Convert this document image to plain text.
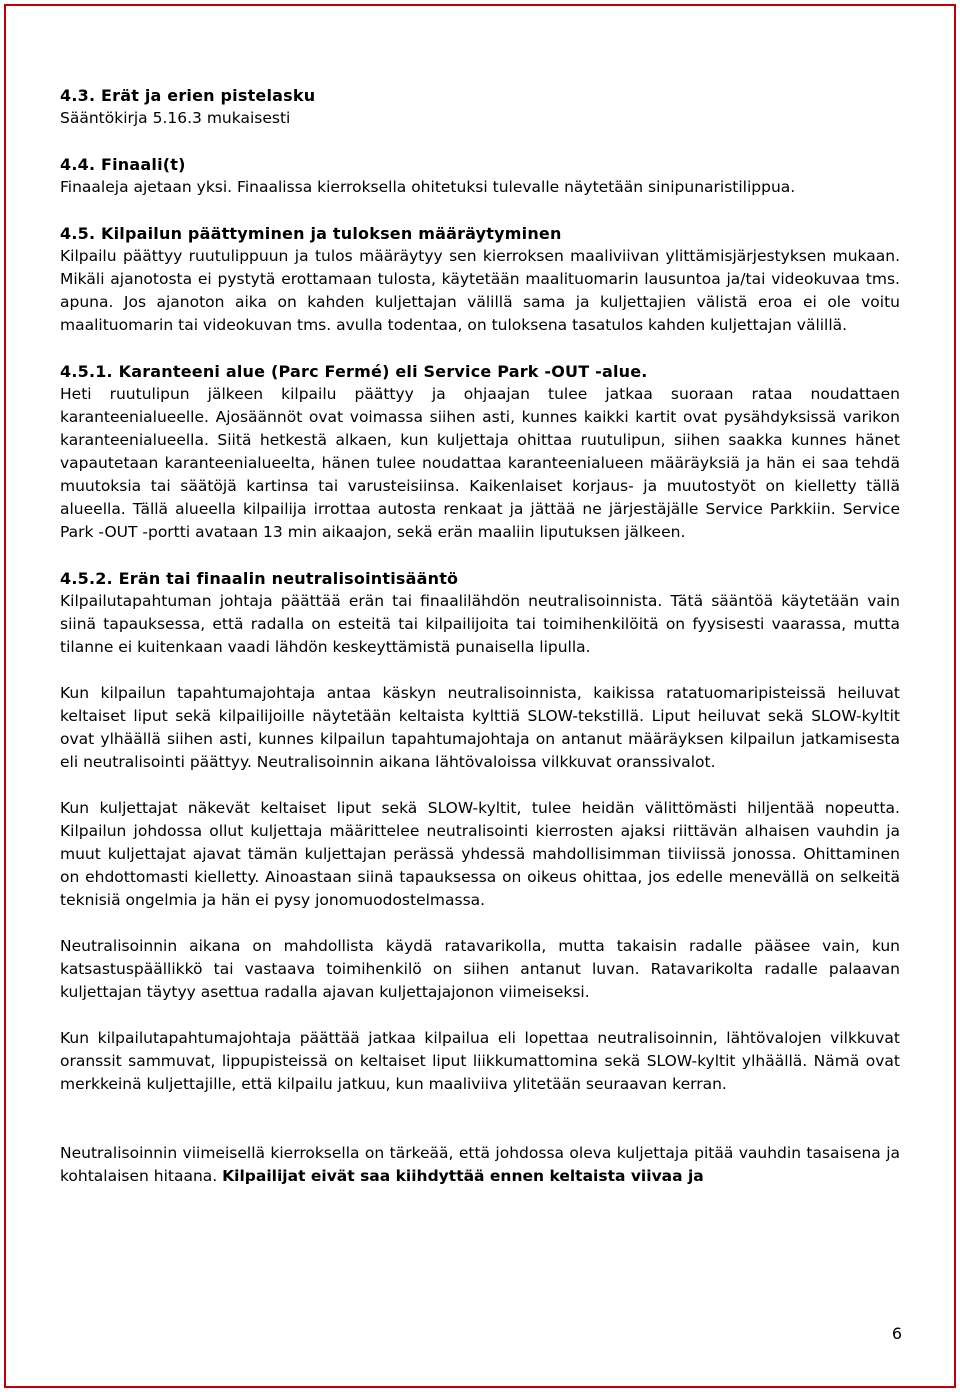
4.3. Erät ja erien pistelasku

Sääntökirja 5.16.3 mukaisesti

4.4. Finaali(t)

Finaaleja ajetaan yksi. Finaalissa kierroksella ohitetuksi tulevalle näytetään sinipunaristilippua.

4.5. Kilpailun päättyminen ja tuloksen määräytyminen

Kilpailu päättyy ruutulippuun ja tulos määräytyy sen kierroksen maaliviivan ylittämisjärjestyksen mukaan. Mikäli ajanotosta ei pystytä erottamaan tulosta, käytetään maalituomarin lausuntoa ja/tai videokuvaa tms. apuna. Jos ajanoton aika on kahden kuljettajan välillä sama ja kuljettajien välistä eroa ei ole voitu maalituomarin tai videokuvan tms. avulla todentaa, on tuloksena tasatulos kahden kuljettajan välillä.

4.5.1. Karanteeni alue (Parc Fermé) eli Service Park -OUT -alue.

Heti ruutulipun jälkeen kilpailu päättyy ja ohjaajan tulee jatkaa suoraan rataa noudattaen karanteenialueelle. Ajosäännöt ovat voimassa siihen asti, kunnes kaikki kartit ovat pysähdyksissä varikon karanteenialueella. Siitä hetkestä alkaen, kun kuljettaja ohittaa ruutulipun, siihen saakka kunnes hänet vapautetaan karanteenialueelta, hänen tulee noudattaa karanteenialueen määräyksiä ja hän ei saa tehdä muutoksia tai säätöjä kartinsa tai varusteisiinsa. Kaikenlaiset korjaus- ja muutostyöt on kielletty tällä alueella. Tällä alueella kilpailija irrottaa autosta renkaat ja jättää ne järjestäjälle Service Parkkiin. Service Park -OUT -portti avataan 13 min aikaajon, sekä erän maaliin liputuksen jälkeen.

4.5.2. Erän tai finaalin neutralisointisääntö

Kilpailutapahtuman johtaja päättää erän tai finaalilähdön neutralisoinnista. Tätä sääntöä käytetään vain siinä tapauksessa, että radalla on esteitä tai kilpailijoita tai toimihenkilöitä on fyysisesti vaarassa, mutta tilanne ei kuitenkaan vaadi lähdön keskeyttämistä punaisella lipulla.

Kun kilpailun tapahtumajohtaja antaa käskyn neutralisoinnista, kaikissa ratatuomaripisteissä heiluvat keltaiset liput sekä kilpailijoille näytetään keltaista kylttiä SLOW-tekstillä. Liput heiluvat sekä SLOW-kyltit ovat ylhäällä siihen asti, kunnes kilpailun tapahtumajohtaja on antanut määräyksen kilpailun jatkamisesta eli neutralisointi päättyy. Neutralisoinnin aikana lähtövaloissa vilkkuvat oranssivalot.

Kun kuljettajat näkevät keltaiset liput sekä SLOW-kyltit, tulee heidän välittömästi hiljentää nopeutta. Kilpailun johdossa ollut kuljettaja määrittelee neutralisointi kierrosten ajaksi riittävän alhaisen vauhdin ja muut kuljettajat ajavat tämän kuljettajan perässä yhdessä mahdollisimman tiiviissä jonossa. Ohittaminen on ehdottomasti kielletty. Ainoastaan siinä tapauksessa on oikeus ohittaa, jos edelle menevällä on selkeitä teknisiä ongelmia ja hän ei pysy jonomuodostelmassa.

Neutralisoinnin aikana on mahdollista käydä ratavarikolla, mutta takaisin radalle pääsee vain, kun katsastuspäällikkö tai vastaava toimihenkilö on siihen antanut luvan. Ratavarikolta radalle palaavan kuljettajan täytyy asettua radalla ajavan kuljettajajonon viimeiseksi.

Kun kilpailutapahtumajohtaja päättää jatkaa kilpailua eli lopettaa neutralisoinnin, lähtövalojen vilkkuvat oranssit sammuvat, lippupisteissä on keltaiset liput liikkumattomina sekä SLOW-kyltit ylhäällä. Nämä ovat merkkeinä kuljettajille, että kilpailu jatkuu, kun maaliviiva ylitetään seuraavan kerran.

Neutralisoinnin viimeisellä kierroksella on tärkeää, että johdossa oleva kuljettaja pitää vauhdin tasaisena ja kohtalaisen hitaana. Kilpailijat eivät saa kiihdyttää ennen keltaista viivaa ja

6
